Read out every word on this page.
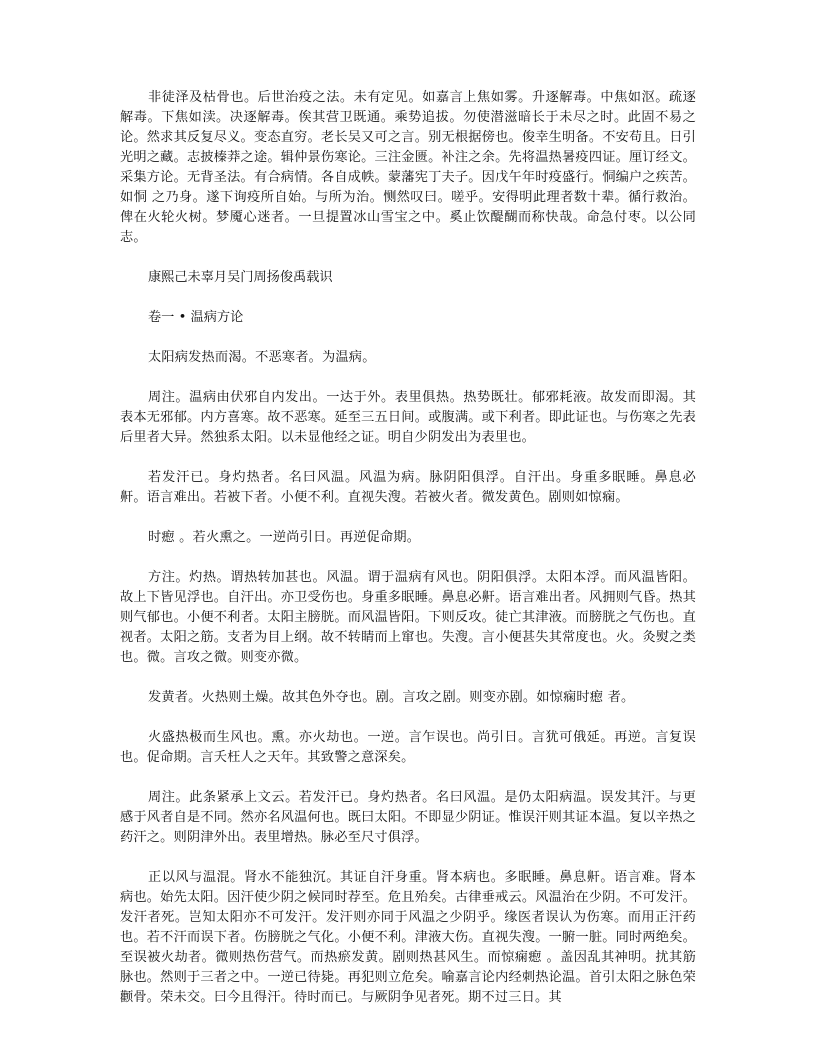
非徒泽及枯骨也。后世治疫之法。未有定见。如嘉言上焦如雾。升逐解毒。中焦如沤。疏逐解毒。下焦如渎。决逐解毒。俟其营卫既通。乘势追拔。勿使潜滋暗长于未尽之时。此固不易之论。然求其反复尽义。变态直穷。老长吴又可之言。别无根据傍也。俊幸生明备。不安苟且。日引光明之藏。志披榛莽之途。辑仲景伤寒论。三注金匮。补注之余。先将温热暑疫四证。厘订经文。采集方论。无背圣法。有合病情。各自成帙。蒙藩宪丁夫子。因戊午年时疫盛行。恫编户之疾苦。如恫 之乃身。遂下询疫所自始。与所为治。恻然叹曰。嗟乎。安得明此理者数十辈。循行救治。俾在火轮火树。梦魇心迷者。一旦提置冰山雪宝之中。奚止饮醍醐而称快哉。命急付枣。以公同志。

康熙己未辜月吴门周扬俊禹载识

卷一 • 温病方论

太阳病发热而渴。不恶寒者。为温病。

周注。温病由伏邪自内发出。一达于外。表里俱热。热势既壮。郁邪耗液。故发而即渴。其表本无邪郁。内方喜寒。故不恶寒。延至三五日间。或腹满。或下利者。即此证也。与伤寒之先表后里者大异。然独系太阳。以未显他经之证。明自少阴发出为表里也。

若发汗已。身灼热者。名曰风温。风温为病。脉阴阳俱浮。自汗出。身重多眠睡。鼻息必鼾。语言难出。若被下者。小便不利。直视失溲。若被火者。微发黄色。剧则如惊痫。

时瘛 。若火熏之。一逆尚引日。再逆促命期。

方注。灼热。谓热转加甚也。风温。谓于温病有风也。阴阳俱浮。太阳本浮。而风温皆阳。故上下皆见浮也。自汗出。亦卫受伤也。身重多眠睡。鼻息必鼾。语言难出者。风拥则气昏。热其则气郁也。小便不利者。太阳主膀胱。而风温皆阳。下则反攻。徒亡其津液。而膀胱之气伤也。直视者。太阳之筋。支者为目上纲。故不转睛而上窜也。失溲。言小便甚失其常度也。火。灸熨之类也。微。言攻之微。则变亦微。

发黄者。火热则土燥。故其色外夺也。剧。言攻之剧。则变亦剧。如惊痫时瘛 者。

火盛热极而生风也。熏。亦火劫也。一逆。言乍误也。尚引日。言犹可俄延。再逆。言复误也。促命期。言夭枉人之天年。其致警之意深矣。

周注。此条紧承上文云。若发汗已。身灼热者。名曰风温。是仍太阳病温。误发其汗。与更感于风者自是不同。然亦名风温何也。既曰太阳。不即显少阴证。惟误汗则其证本温。复以辛热之药汗之。则阴津外出。表里增热。脉必至尺寸俱浮。

正以风与温混。肾水不能独沉。其证自汗身重。肾本病也。多眠睡。鼻息鼾。语言难。肾本病也。始先太阳。因汗使少阴之候同时荐至。危且殆矣。古律垂戒云。风温治在少阴。不可发汗。发汗者死。岂知太阳亦不可发汗。发汗则亦同于风温之少阴乎。缘医者误认为伤寒。而用正汗药也。若不汗而误下者。伤膀胱之气化。小便不利。津液大伤。直视失溲。一腑一脏。同时两绝矣。至误被火劫者。微则热伤营气。而热瘀发黄。剧则热甚风生。而惊痫瘛 。盖因乱其神明。扰其筋脉也。然则于三者之中。一逆已待毙。再犯则立危矣。喻嘉言论内经刺热论温。首引太阳之脉色荣颧骨。荣未交。曰今且得汗。待时而已。与厥阴争见者死。期不过三日。其
